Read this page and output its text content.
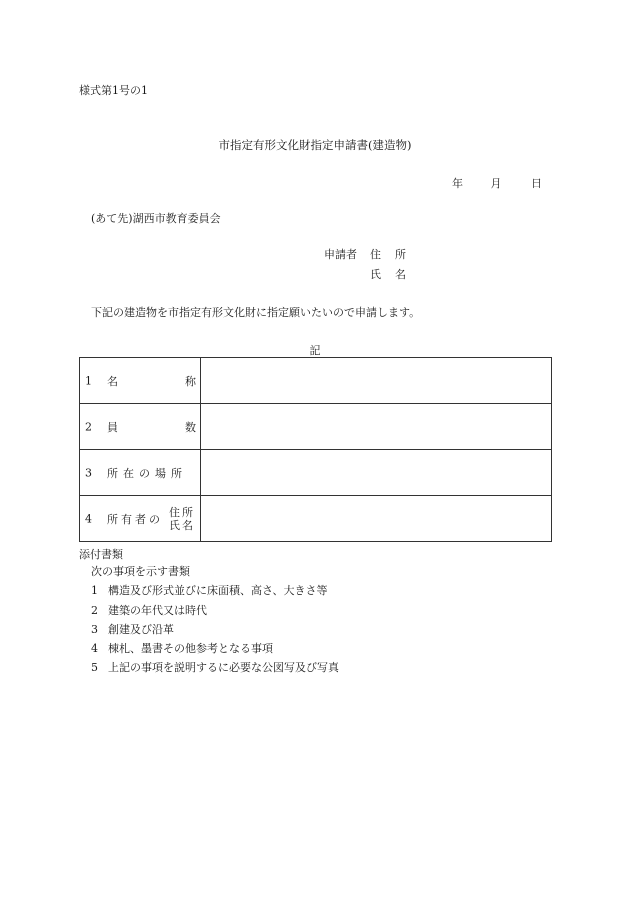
様式第1号の1
市指定有形文化財指定申請書(建造物)
年	月	日
(あて先)湖西市教育委員会
申請者 住 所
氏 名
下記の建造物を市指定有形文化財に指定願いたいので申請します。
記
1 名 称	

2 員 数	

3 所在の場所	

4 所有者の
住所
氏名	

添付書類
次の事項を示す書類
1 構造及び形式並びに床面積、高さ、大きさ等
2 建築の年代又は時代
3 創建及び沿革
4 棟札、墨書その他参考となる事項
5 上記の事項を説明するに必要な公図写及び写真
